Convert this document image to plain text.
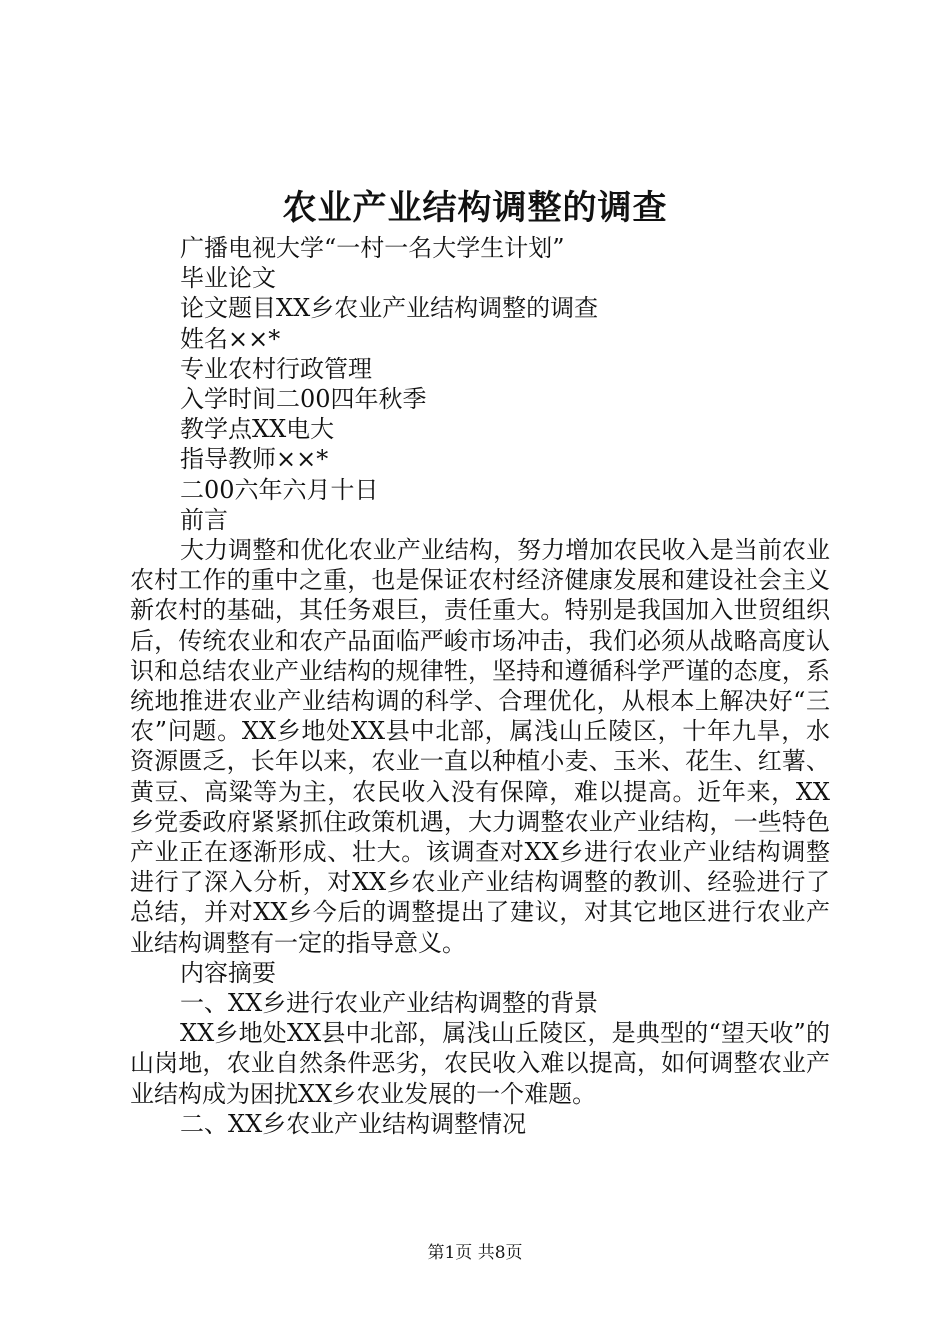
农业产业结构调整的调查
广播电视大学“一村一名大学生计划”
毕业论文
论文题目XX乡农业产业结构调整的调查
姓名××*
专业农村行政管理
入学时间二00四年秋季
教学点XX电大
指导教师××*
二00六年六月十日
前言
大力调整和优化农业产业结构，努力增加农民收入是当前农业农村工作的重中之重，也是保证农村经济健康发展和建设社会主义新农村的基础，其任务艰巨，责任重大。特别是我国加入世贸组织后，传统农业和农产品面临严峻市场冲击，我们必须从战略高度认识和总结农业产业结构的规律牲，坚持和遵循科学严谨的态度，系统地推进农业产业结构调的科学、合理优化，从根本上解决好“三农”问题。XX乡地处XX县中北部，属浅山丘陵区，十年九旱，水资源匮乏，长年以来，农业一直以种植小麦、玉米、花生、红薯、黄豆、高粱等为主，农民收入没有保障，难以提高。近年来，XX乡党委政府紧紧抓住政策机遇，大力调整农业产业结构，一些特色产业正在逐渐形成、壮大。该调查对XX乡进行农业产业结构调整进行了深入分析，对XX乡农业产业结构调整的教训、经验进行了总结，并对XX乡今后的调整提出了建议，对其它地区进行农业产业结构调整有一定的指导意义。
内容摘要
一、XX乡进行农业产业结构调整的背景
XX乡地处XX县中北部，属浅山丘陵区，是典型的“望天收”的山岗地，农业自然条件恶劣，农民收入难以提高，如何调整农业产业结构成为困扰XX乡农业发展的一个难题。
二、XX乡农业产业结构调整情况
第1页 共8页
